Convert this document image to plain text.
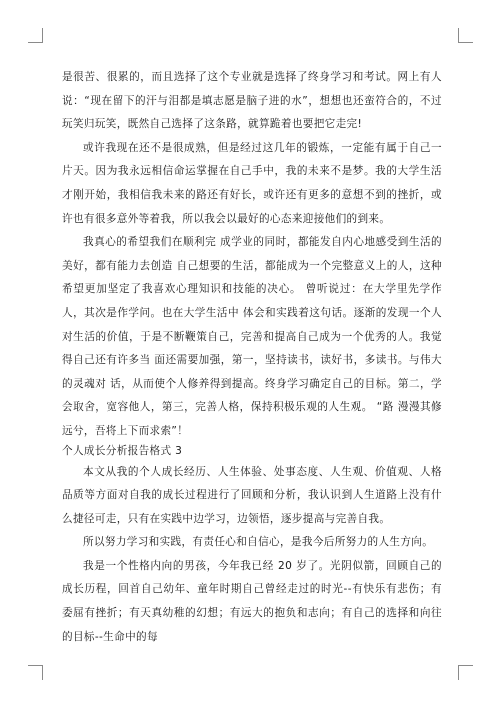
是很苦、很累的，而且选择了这个专业就是选择了终身学习和考试。网上有人说：“现在留下的汗与泪都是填志愿是脑子进的水”，想想也还蛮符合的，不过玩笑归玩笑，既然自己选择了这条路，就算跪着也要把它走完!

或许我现在还不是很成熟，但是经过这几年的锻炼，一定能有属于自己一片天。因为我永远相信命运掌握在自己手中，我的未来不是梦。我的大学生活才刚开始，我相信我未来的路还有好长，或许还有更多的意想不到的挫折，或许也有很多意外等着我，所以我会以最好的心态来迎接他们的到来。

我真心的希望我们在顺利完 成学业的同时，都能发自内心地感受到生活的美好，都有能力去创造 自己想要的生活，都能成为一个完整意义上的人，这种希望更加坚定了我喜欢心理知识和技能的决心。 曾听说过：在大学里先学作人，其次是作学问。也在大学生活中 体会和实践着这句话。逐渐的发现一个人对生活的价值，于是不断鞭策自己，完善和提高自己成为一个优秀的人。我觉得自己还有许多当 面还需要加强，第一，坚持读书，读好书，多读书。与伟大的灵魂对 话，从而使个人修养得到提高。终身学习确定自己的目标。第二，学 会取舍，宽容他人，第三，完善人格，保持积极乐观的人生观。 “路 漫漫其修远兮，吾将上下而求索”！

个人成长分析报告格式 3

本文从我的个人成长经历、人生体验、处事态度、人生观、价值观、人格品质等方面对自我的成长过程进行了回顾和分析，我认识到人生道路上没有什么捷径可走，只有在实践中边学习，边领悟，逐步提高与完善自我。

所以努力学习和实践，有责任心和自信心，是我今后所努力的人生方向。

我是一个性格内向的男孩，今年我已经 20 岁了。光阴似箭，回顾自己的成长历程，回首自己幼年、童年时期自己曾经走过的时光--有快乐有悲伤；有委屈有挫折；有天真幼稚的幻想；有远大的抱负和志向；有自己的选择和向往的目标--生命中的每
